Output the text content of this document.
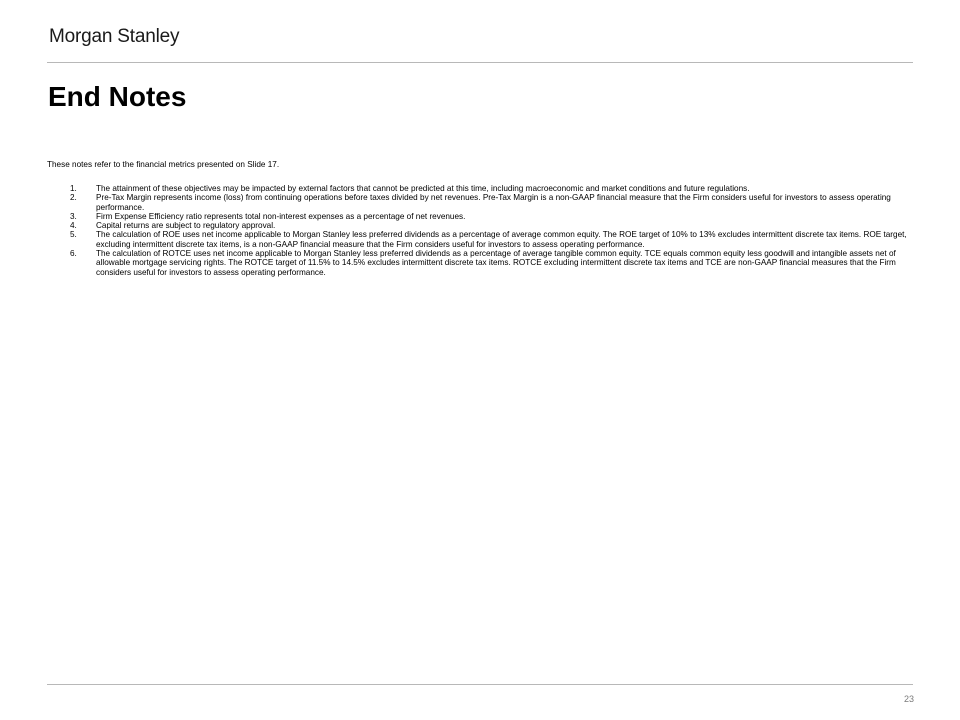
Morgan Stanley
End Notes

These notes refer to the financial metrics presented on Slide 17.

1.	The attainment of these objectives may be impacted by external factors that cannot be predicted at this time, including macroeconomic and market conditions and future regulations.
2.	Pre-Tax Margin represents income (loss) from continuing operations before taxes divided by net revenues. Pre-Tax Margin is a non-GAAP financial measure that the Firm considers useful for investors to assess operating performance.
3.	Firm Expense Efficiency ratio represents total non-interest expenses as a percentage of net revenues.
4.	Capital returns are subject to regulatory approval.
5.	The calculation of ROE uses net income applicable to Morgan Stanley less preferred dividends as a percentage of average common equity. The ROE target of 10% to 13% excludes intermittent discrete tax items. ROE target, excluding intermittent discrete tax items, is a non-GAAP financial measure that the Firm considers useful for investors to assess operating performance.
6.	The calculation of ROTCE uses net income applicable to Morgan Stanley less preferred dividends as a percentage of average tangible common equity. TCE equals common equity less goodwill and intangible assets net of allowable mortgage servicing rights. The ROTCE target of 11.5% to 14.5% excludes intermittent discrete tax items. ROTCE excluding intermittent discrete tax items and TCE are non-GAAP financial measures that the Firm considers useful for investors to assess operating performance.
23
